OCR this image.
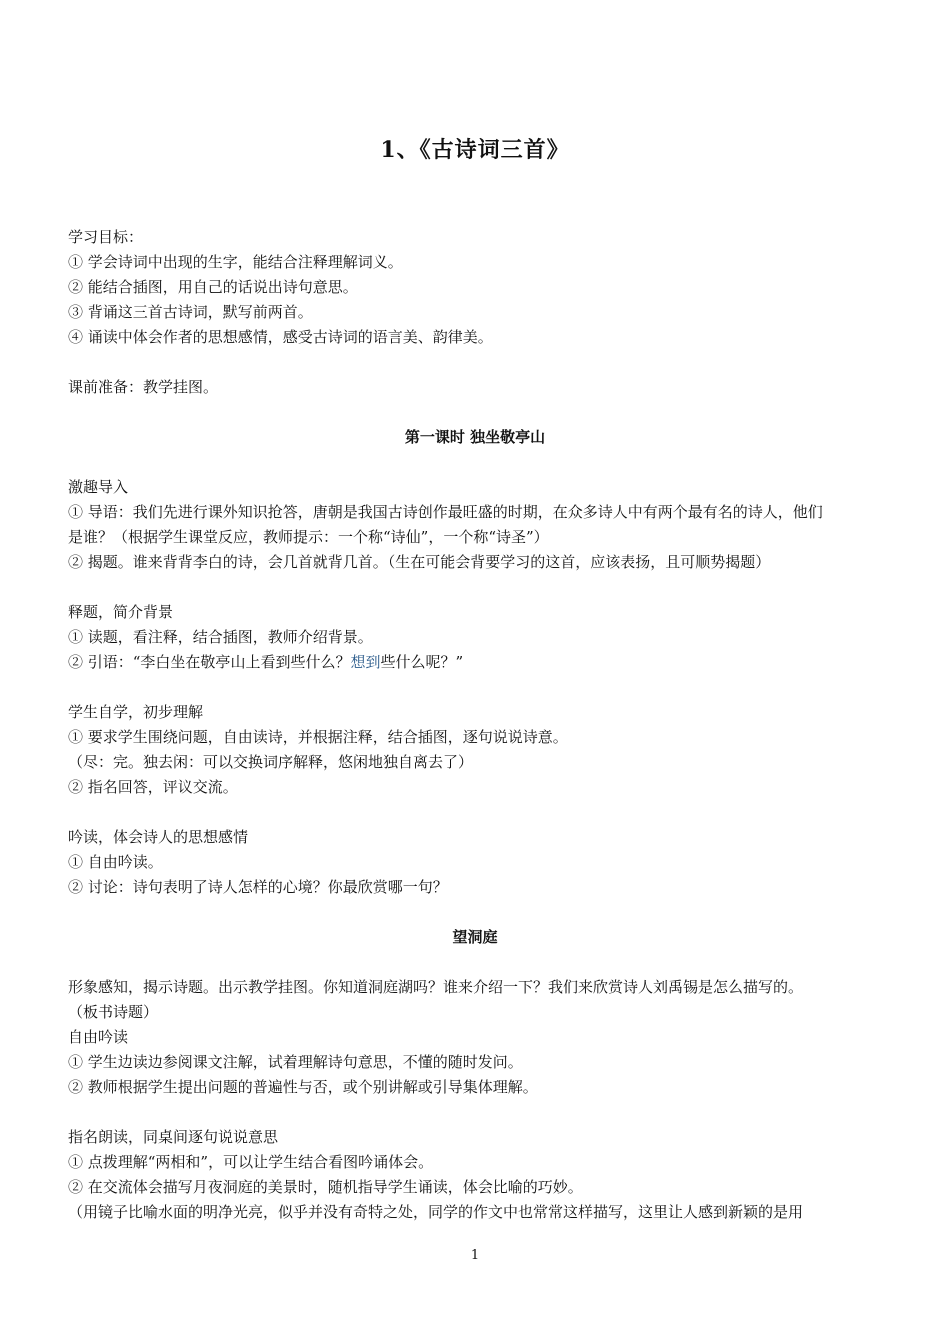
1、《古诗词三首》
学习目标：
① 学会诗词中出现的生字，能结合注释理解词义。
② 能结合插图，用自己的话说出诗句意思。
③ 背诵这三首古诗词，默写前两首。
④ 诵读中体会作者的思想感情，感受古诗词的语言美、韵律美。
课前准备：教学挂图。
第一课时 独坐敬亭山
激趣导入
① 导语：我们先进行课外知识抢答，唐朝是我国古诗创作最旺盛的时期，在众多诗人中有两个最有名的诗人，他们
是谁？（根据学生课堂反应，教师提示：一个称“诗仙”，一个称“诗圣”）
② 揭题。谁来背背李白的诗，会几首就背几首。（生在可能会背要学习的这首，应该表扬，且可顺势揭题）
释题，简介背景
① 读题，看注释，结合插图，教师介绍背景。
② 引语：“李白坐在敬亭山上看到些什么？想到些什么呢？”
学生自学，初步理解
① 要求学生围绕问题，自由读诗，并根据注释，结合插图，逐句说说诗意。
（尽：完。独去闲：可以交换词序解释，悠闲地独自离去了）
② 指名回答，评议交流。
吟读，体会诗人的思想感情
① 自由吟读。
② 讨论：诗句表明了诗人怎样的心境？你最欣赏哪一句？
望洞庭
形象感知，揭示诗题。出示教学挂图。你知道洞庭湖吗？谁来介绍一下？我们来欣赏诗人刘禹锡是怎么描写的。
（板书诗题）
自由吟读
① 学生边读边参阅课文注解，试着理解诗句意思，不懂的随时发问。
② 教师根据学生提出问题的普遍性与否，或个别讲解或引导集体理解。
指名朗读，同桌间逐句说说意思
① 点拨理解“两相和”，可以让学生结合看图吟诵体会。
② 在交流体会描写月夜洞庭的美景时，随机指导学生诵读，体会比喻的巧妙。
（用镜子比喻水面的明净光亮，似乎并没有奇特之处，同学的作文中也常常这样描写，这里让人感到新颖的是用
1
